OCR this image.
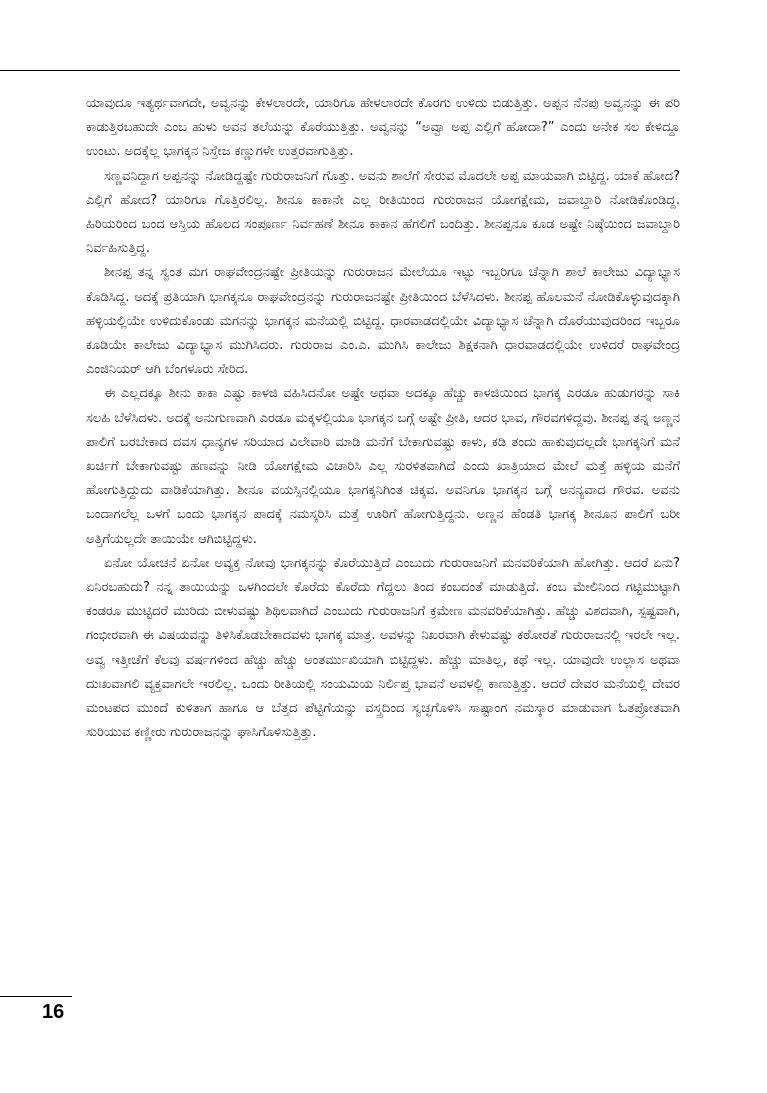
ಯಾವುದೂ ಇತ್ಯರ್ಥವಾಗದೇ, ಅವ್ವನನ್ನು ಕೇಳಲಾರದೇ, ಯಾರಿಗೂ ಹೇಳಲಾರದೇ ಕೊರಗು ಉಳಿದು ಬಿಡುತ್ತಿತ್ತು. ಅಪ್ಪನ ನೆನಪು ಅವ್ವನನ್ನು ಈ ಪರಿ ಕಾಡುತ್ತಿರಬಹುದೇ ಎಂಬ ಹುಳು ಅವನ ತಲೆಯನ್ನು ಕೊರೆಯುತ್ತಿತ್ತು. ಅವ್ವನನ್ನು “ಅವ್ವಾ ಅಪ್ಪ ಎಲ್ಲಿಗೆ ಹೋದಾ?” ಎಂದು ಅನೇಕ ಸಲ ಕೇಳಿದ್ದೂ ಉಂಟು. ಅದಕ್ಕೆಲ್ಲ ಭಾಗಕ್ಕನ ನಿಸ್ತೇಜ ಕಣ್ಣುಗಳೇ ಉತ್ತರವಾಗುತ್ತಿತ್ತು.

ಸಣ್ಣವನಿದ್ದಾಗ ಅಪ್ಪನನ್ನು ನೋಡಿದ್ದಷ್ಟೇ ಗುರುರಾಜನಿಗೆ ಗೊತ್ತು. ಅವನು ಶಾಲೆಗೆ ಸೇರುವ ಮೊದಲೇ ಅಪ್ಪ ಮಾಯವಾಗಿ ಬಿಟ್ಟಿದ್ದ. ಯಾಕೆ ಹೋದ? ಎಲ್ಲಿಗೆ ಹೋದ? ಯಾರಿಗೂ ಗೊತ್ತಿರಲಿಲ್ಲ. ಶೀನೂ ಕಾಕಾನೇ ಎಲ್ಲ ರೀತಿಯಿಂದ ಗುರುರಾಜನ ಯೋಗಕ್ಷೇಮ, ಜವಾಬ್ದಾರಿ ನೋಡಿಕೊಂಡಿದ್ದ. ಹಿರಿಯರಿಂದ ಬಂದ ಆಸ್ತಿಯ ಹೊಲದ ಸಂಪೂರ್ಣ ನಿರ್ವಹಣೆ ಶೀನೂ ಕಾಕಾನ ಹೆಗಲಿಗೆ ಬಂದಿತ್ತು. ಶೀನಪ್ಪನೂ ಕೂಡ ಅಷ್ಟೇ ನಿಷ್ಠೆಯಿಂದ ಜವಾಬ್ದಾರಿ ನಿರ್ವಹಿಸುತ್ತಿದ್ದ.

ಶೀನಪ್ಪ ತನ್ನ ಸ್ವಂತ ಮಗ ರಾಘವೇಂದ್ರನಷ್ಟೇ ಪ್ರೀತಿಯನ್ನು ಗುರುರಾಜನ ಮೇಲೆಯೂ ಇಟ್ಟು ಇಬ್ಬರಿಗೂ ಚೆನ್ನಾಗಿ ಶಾಲೆ ಕಾಲೇಜು ವಿದ್ಯಾಭ್ಯಾಸ ಕೊಡಿಸಿದ್ದ. ಅದಕ್ಕೆ ಪ್ರತಿಯಾಗಿ ಭಾಗಕ್ಕನೂ ರಾಘವೇಂದ್ರನನ್ನು ಗುರುರಾಜನಷ್ಟೇ ಪ್ರೀತಿಯಿಂದ ಬೆಳೆಸಿದಳು. ಶೀನಪ್ಪ ಹೊಲಮನೆ ನೋಡಿಕೊಳ್ಳುವುದಕ್ಕಾಗಿ ಹಳ್ಳಿಯಲ್ಲಿಯೇ ಉಳಿದುಕೊಂಡು ಮಗನನ್ನು ಭಾಗಕ್ಕನ ಮನೆಯಲ್ಲಿ ಬಿಟ್ಟಿದ್ದ. ಧಾರವಾಡದಲ್ಲಿಯೇ ವಿದ್ಯಾಭ್ಯಾಸ ಚೆನ್ನಾಗಿ ದೊರೆಯುವುದರಿಂದ ಇಬ್ಬರೂ ಕೂಡಿಯೇ ಕಾಲೇಜು ವಿದ್ಯಾಭ್ಯಾಸ ಮುಗಿಸಿದರು. ಗುರುರಾಜ ಎಂ.ಎ. ಮುಗಿಸಿ ಕಾಲೇಜು ಶಿಕ್ಷಕನಾಗಿ ಧಾರವಾಡದಲ್ಲಿಯೇ ಉಳಿದರೆ ರಾಘವೇಂದ್ರ ಎಂಜಿನಿಯರ್ ಆಗಿ ಬೆಂಗಳೂರು ಸೇರಿದ.

ಈ ಎಲ್ಲದಕ್ಕೂ ಶೀನು ಕಾಕಾ ಎಷ್ಟು ಕಾಳಜಿ ವಹಿಸಿದನೋ ಅಷ್ಟೇ ಅಥವಾ ಅದಕ್ಕೂ ಹೆಚ್ಚು ಕಾಳಜಿಯಿಂದ ಭಾಗಕ್ಕ ಎರಡೂ ಹುಡುಗರನ್ನು ಸಾಕಿ ಸಲಹಿ ಬೆಳೆಸಿದಳು. ಅದಕ್ಕೆ ಅನುಗುಣವಾಗಿ ಎರಡೂ ಮಕ್ಕಳಲ್ಲಿಯೂ ಭಾಗಕ್ಕನ ಬಗ್ಗೆ ಅಷ್ಟೇ ಪ್ರೀತಿ, ಆದರ ಭಾವ, ಗೌರವಗಳಿದ್ದವು. ಶೀನಪ್ಪ ತನ್ನ ಅಣ್ಣನ ಪಾಲಿಗೆ ಬರಬೇಕಾದ ದವಸ ಧಾನ್ಯಗಳ ಸರಿಯಾದ ವಿಲೇವಾರಿ ಮಾಡಿ ಮನೆಗೆ ಬೇಕಾಗುವಷ್ಟು ಕಾಳು, ಕಡಿ ತಂದು ಹಾಕುವುದಲ್ಲದೇ ಭಾಗಕ್ಕನಿಗೆ ಮನೆ ಖರ್ಚಿಗೆ ಬೇಕಾಗುವಷ್ಟು ಹಣವನ್ನು ನೀಡಿ ಯೋಗಕ್ಷೇಮ ವಿಚಾರಿಸಿ ಎಲ್ಲ ಸುರಳಿತವಾಗಿದೆ ಎಂದು ಖಾತ್ರಿಯಾದ ಮೇಲೆ ಮತ್ತೆ ಹಳ್ಳಿಯ ಮನೆಗೆ ಹೋಗುತ್ತಿದ್ದುದು ವಾಡಿಕೆಯಾಗಿತ್ತು. ಶೀನೂ ವಯಸ್ಸಿನಲ್ಲಿಯೂ ಭಾಗಕ್ಕನಿಗಿಂತ ಚಿಕ್ಕವ. ಅವನಿಗೂ ಭಾಗಕ್ಕನ ಬಗ್ಗೆ ಅನನ್ಯವಾದ ಗೌರವ. ಅವನು ಬಂದಾಗಲೆಲ್ಲ ಒಳಗೆ ಬಂದು ಭಾಗಕ್ಕನ ಪಾದಕ್ಕೆ ನಮಸ್ಕರಿಸಿ ಮತ್ತೆ ಊರಿಗೆ ಹೋಗುತ್ತಿದ್ದನು. ಅಣ್ಣನ ಹೆಂಡತಿ ಭಾಗಕ್ಕ ಶೀನೂನ ಪಾಲಿಗೆ ಬರೀ ಅತ್ತಿಗೆಯಲ್ಲದೇ ತಾಯಿಯೇ ಆಗಿಬಿಟ್ಟಿದ್ದಳು.

ಏನೋ ಯೋಚನೆ ಏನೋ ಅವ್ಯಕ್ತ ನೋವು ಭಾಗಕ್ಕನನ್ನು ಕೊರೆಯುತ್ತಿದೆ ಎಂಬುದು ಗುರುರಾಜನಿಗೆ ಮನವರಿಕೆಯಾಗಿ ಹೋಗಿತ್ತು. ಆದರೆ ಏನು? ಏನಿರಬಹುದು? ನನ್ನ ತಾಯಿಯನ್ನು ಒಳಗಿಂದಲೇ ಕೊರೆದು ಕೊರೆದು ಗೆದ್ದಲು ತಿಂದ ಕಂಬದಂತೆ ಮಾಡುತ್ತಿದೆ. ಕಂಬ ಮೇಲಿನಿಂದ ಗಟ್ಟಿಮುಟ್ಟಾಗಿ ಕಂಡರೂ ಮುಟ್ಟಿದರೆ ಮುರಿದು ಬೀಳುವಷ್ಟು ಶಿಥಿಲವಾಗಿದೆ ಎಂಬುದು ಗುರುರಾಜನಿಗೆ ಕ್ರಮೇಣ ಮನವರಿಕೆಯಾಗಿತ್ತು. ಹೆಚ್ಚು ವಿಶದವಾಗಿ, ಸ್ಪಷ್ಟವಾಗಿ, ಗಂಭೀರವಾಗಿ ಈ ವಿಷಯವನ್ನು ತಿಳಿಸಿಕೊಡಬೇಕಾದವಳು ಭಾಗಕ್ಕ ಮಾತ್ರ. ಅವಳನ್ನು ನಿಖರವಾಗಿ ಕೇಳುವಷ್ಟು ಕಠೋರತೆ ಗುರುರಾಜನಲ್ಲಿ ಇರಲೇ ಇಲ್ಲ. ಅವ್ವ ಇತ್ತೀಚೆಗೆ ಕೆಲವು ವರ್ಷಗಳಿಂದ ಹೆಚ್ಚು ಹೆಚ್ಚು ಅಂತರ್ಮುಖಿಯಾಗಿ ಬಿಟ್ಟಿದ್ದಳು. ಹೆಚ್ಚು ಮಾತಿಲ್ಲ, ಕಥೆ ಇಲ್ಲ. ಯಾವುದೇ ಉಲ್ಲಾಸ ಅಥವಾ ದುಃಖವಾಗಲಿ ವ್ಯಕ್ತವಾಗಲೇ ಇರಲಿಲ್ಲ. ಒಂದು ರೀತಿಯಲ್ಲಿ ಸಂಯಮಿಯ ನಿರ್ಲಿಪ್ತ ಭಾವನೆ ಅವಳಲ್ಲಿ ಕಾಣುತ್ತಿತ್ತು. ಆದರೆ ದೇವರ ಮನೆಯಲ್ಲಿ ದೇವರ ಮಂಟಪದ ಮುಂದೆ ಕುಳಿತಾಗ ಹಾಗೂ ಆ ಬೆತ್ತದ ಪೆಟ್ಟಿಗೆಯನ್ನು ವಸ್ತ್ರದಿಂದ ಸ್ವಚ್ಛಗೊಳಿಸಿ ಸಾಷ್ಟಾಂಗ ನಮಸ್ಕಾರ ಮಾಡುವಾಗ ಓತಪ್ರೋತವಾಗಿ ಸುರಿಯುವ ಕಣ್ಣೀರು ಗುರುರಾಜನನ್ನು ಘಾಸಿಗೊಳಿಸುತ್ತಿತ್ತು.

16
